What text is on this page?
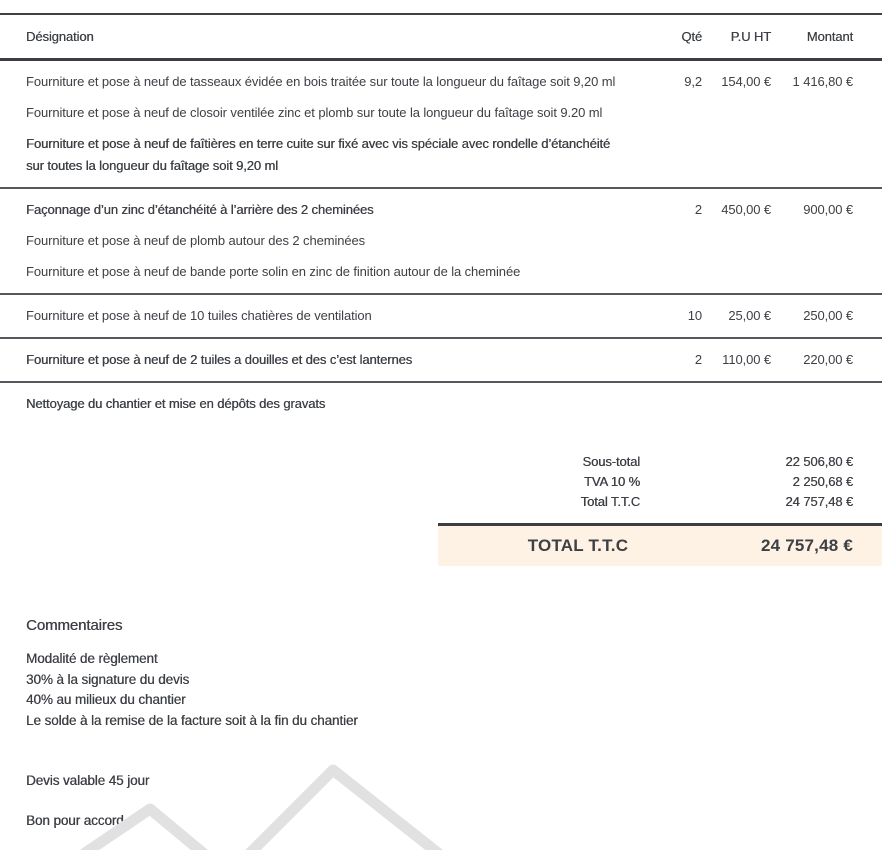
Désignation	Qté	P.U HT	Montant
Fourniture et pose à neuf de tasseaux évidée en bois traitée sur toute la longueur du faîtage soit 9,20 ml	9,2	154,00 €	1 416,80 €
Fourniture et pose à neuf de closoir ventilée zinc et plomb sur toute la longueur du faîtage soit 9.20 ml
Fourniture et pose à neuf de faîtières en terre cuite sur fixé avec vis spéciale avec rondelle d’étanchéité sur toutes la longueur du faîtage soit 9,20 ml
Façonnage d’un zinc d’étanchéité à l’arrière des 2 cheminées	2	450,00 €	900,00 €
Fourniture et pose à neuf de plomb autour des 2 cheminées
Fourniture et pose à neuf de bande porte solin en zinc de finition autour de la cheminée
Fourniture et pose à neuf de 10 tuiles chatières de ventilation	10	25,00 €	250,00 €
Fourniture et pose à neuf de 2 tuiles a douilles et des c’est lanternes	2	110,00 €	220,00 €
Nettoyage du chantier et mise en dépôts des gravats
Sous-total	22 506,80 €
TVA 10 %	2 250,68 €
Total T.T.C	24 757,48 €
TOTAL T.T.C	24 757,48 €
Commentaires
Modalité de règlement
30% à la signature du devis
40% au milieux du chantier
Le solde à la remise de la facture soit à la fin du chantier
Devis valable 45 jour
Bon pour accord
